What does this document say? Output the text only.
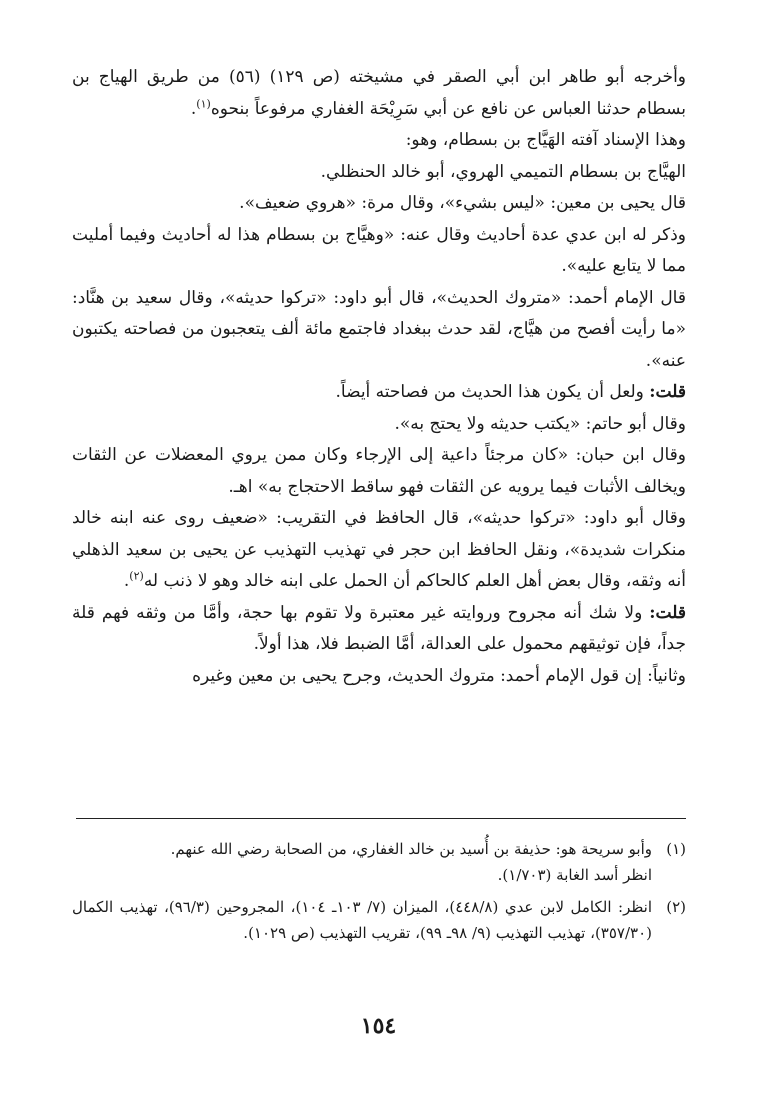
وأخرجه أبو طاهر ابن أبي الصقر في مشيخته (ص ١٢٩) (٥٦) من طريق الهياج بن بسطام حدثنا العباس عن نافع عن أبي سَرِيْحَة الغفاري مرفوعاً بنحوه$^{(١)}$.

وهذا الإسناد آفته الهَيَّاج بن بسطام، وهو:

الهيَّاج بن بسطام التميمي الهروي، أبو خالد الحنظلي.

قال يحيى بن معين: «ليس بشيء»، وقال مرة: «هروي ضعيف».

وذكر له ابن عدي عدة أحاديث وقال عنه: «وهيَّاج بن بسطام هذا له أحاديث وفيما أمليت مما لا يتابع عليه».

قال الإمام أحمد: «متروك الحديث»، قال أبو داود: «تركوا حديثه»، وقال سعيد بن هنَّاد: «ما رأيت أفصح من هيَّاج، لقد حدث ببغداد فاجتمع مائة ألف يتعجبون من فصاحته يكتبون عنه».

قلت: ولعل أن يكون هذا الحديث من فصاحته أيضاً.

وقال أبو حاتم: «يكتب حديثه ولا يحتج به».

وقال ابن حبان: «كان مرجئاً داعية إلى الإرجاء وكان ممن يروي المعضلات عن الثقات ويخالف الأثبات فيما يرويه عن الثقات فهو ساقط الاحتجاج به» اهـ.

وقال أبو داود: «تركوا حديثه»، قال الحافظ في التقريب: «ضعيف روى عنه ابنه خالد منكرات شديدة»، ونقل الحافظ ابن حجر في تهذيب التهذيب عن يحيى بن سعيد الذهلي أنه وثقه، وقال بعض أهل العلم كالحاكم أن الحمل على ابنه خالد وهو لا ذنب له$^{(٢)}$.

قلت: ولا شك أنه مجروح وروايته غير معتبرة ولا تقوم بها حجة، وأمَّا من وثقه فهم قلة جداً، فإن توثيقهم محمول على العدالة، أمَّا الضبط فلا، هذا أولاً.

وثانياً: إن قول الإمام أحمد: متروك الحديث، وجرح يحيى بن معين وغيره

(١)
وأبو سريحة هو: حذيفة بن أُسيد بن خالد الغفاري، من الصحابة رضي الله عنهم.
انظر أسد الغابة (١/٧٠٣).
(٢)
انظر: الكامل لابن عدي (٤٤٨/٨)، الميزان (٧/ ١٠٣ـ ١٠٤)، المجروحين (٩٦/٣)، تهذيب الكمال (٣٥٧/٣٠)، تهذيب التهذيب (٩/ ٩٨ـ ٩٩)، تقريب التهذيب (ص ١٠٢٩).
١٥٤
